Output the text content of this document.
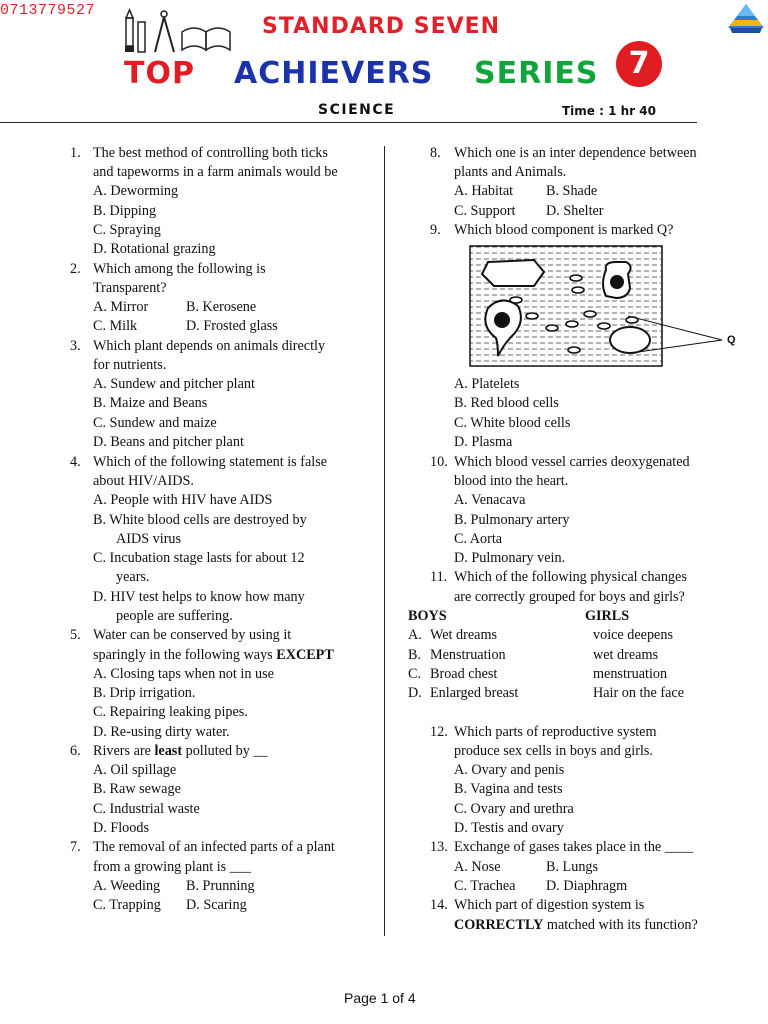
0713779527
STANDARD SEVEN
TOP ACHIEVERS SERIES	7
SCIENCE	Time : 1 hr 40
1. The best method of controlling both ticks
and tapeworms in a farm animals would be
A. Deworming
B. Dipping
C. Spraying
D. Rotational grazing
2. Which among the following is
Transparent?
A. Mirror	B. Kerosene
C. Milk	D. Frosted glass
3. Which plant depends on animals directly
for nutrients.
A. Sundew and pitcher plant
B. Maize and Beans
C. Sundew and maize
D. Beans and pitcher plant
4. Which of the following statement is false
about HIV/AIDS.
A. People with HIV have AIDS
B. White blood cells are destroyed by
AIDS virus
C. Incubation stage lasts for about 12
years.
D. HIV test helps to know how many
people are suffering.
5. Water can be conserved by using it
sparingly in the following ways EXCEPT
A. Closing taps when not in use
B. Drip irrigation.
C. Repairing leaking pipes.
D. Re-using dirty water.
6. Rivers are least polluted by __
A. Oil spillage
B. Raw sewage
C. Industrial waste
D. Floods
7. The removal of an infected parts of a plant
from a growing plant is ___
A. Weeding B. Prunning
C. Trapping D. Scaring
8. Which one is an inter dependence between
plants and Animals.
A. Habitat B. Shade
C. Support D. Shelter
9. Which blood component is marked Q?
Q
A. Platelets
B. Red blood cells
C. White blood cells
D. Plasma
10. Which blood vessel carries deoxygenated
blood into the heart.
A. Venacava
B. Pulmonary artery
C. Aorta
D. Pulmonary vein.
11. Which of the following physical changes
are correctly grouped for boys and girls?
BOYS	GIRLS
A. Wet dreams	voice deepens
B. Menstruation	wet dreams
C. Broad chest	menstruation
D. Enlarged breast	Hair on the face
12. Which parts of reproductive system
produce sex cells in boys and girls.
A. Ovary and penis
B. Vagina and tests
C. Ovary and urethra
D. Testis and ovary
13. Exchange of gases takes place in the ____
A. Nose	B. Lungs
C. Trachea D. Diaphragm
14. Which part of digestion system is
CORRECTLY matched with its function?
Page 1 of 4
